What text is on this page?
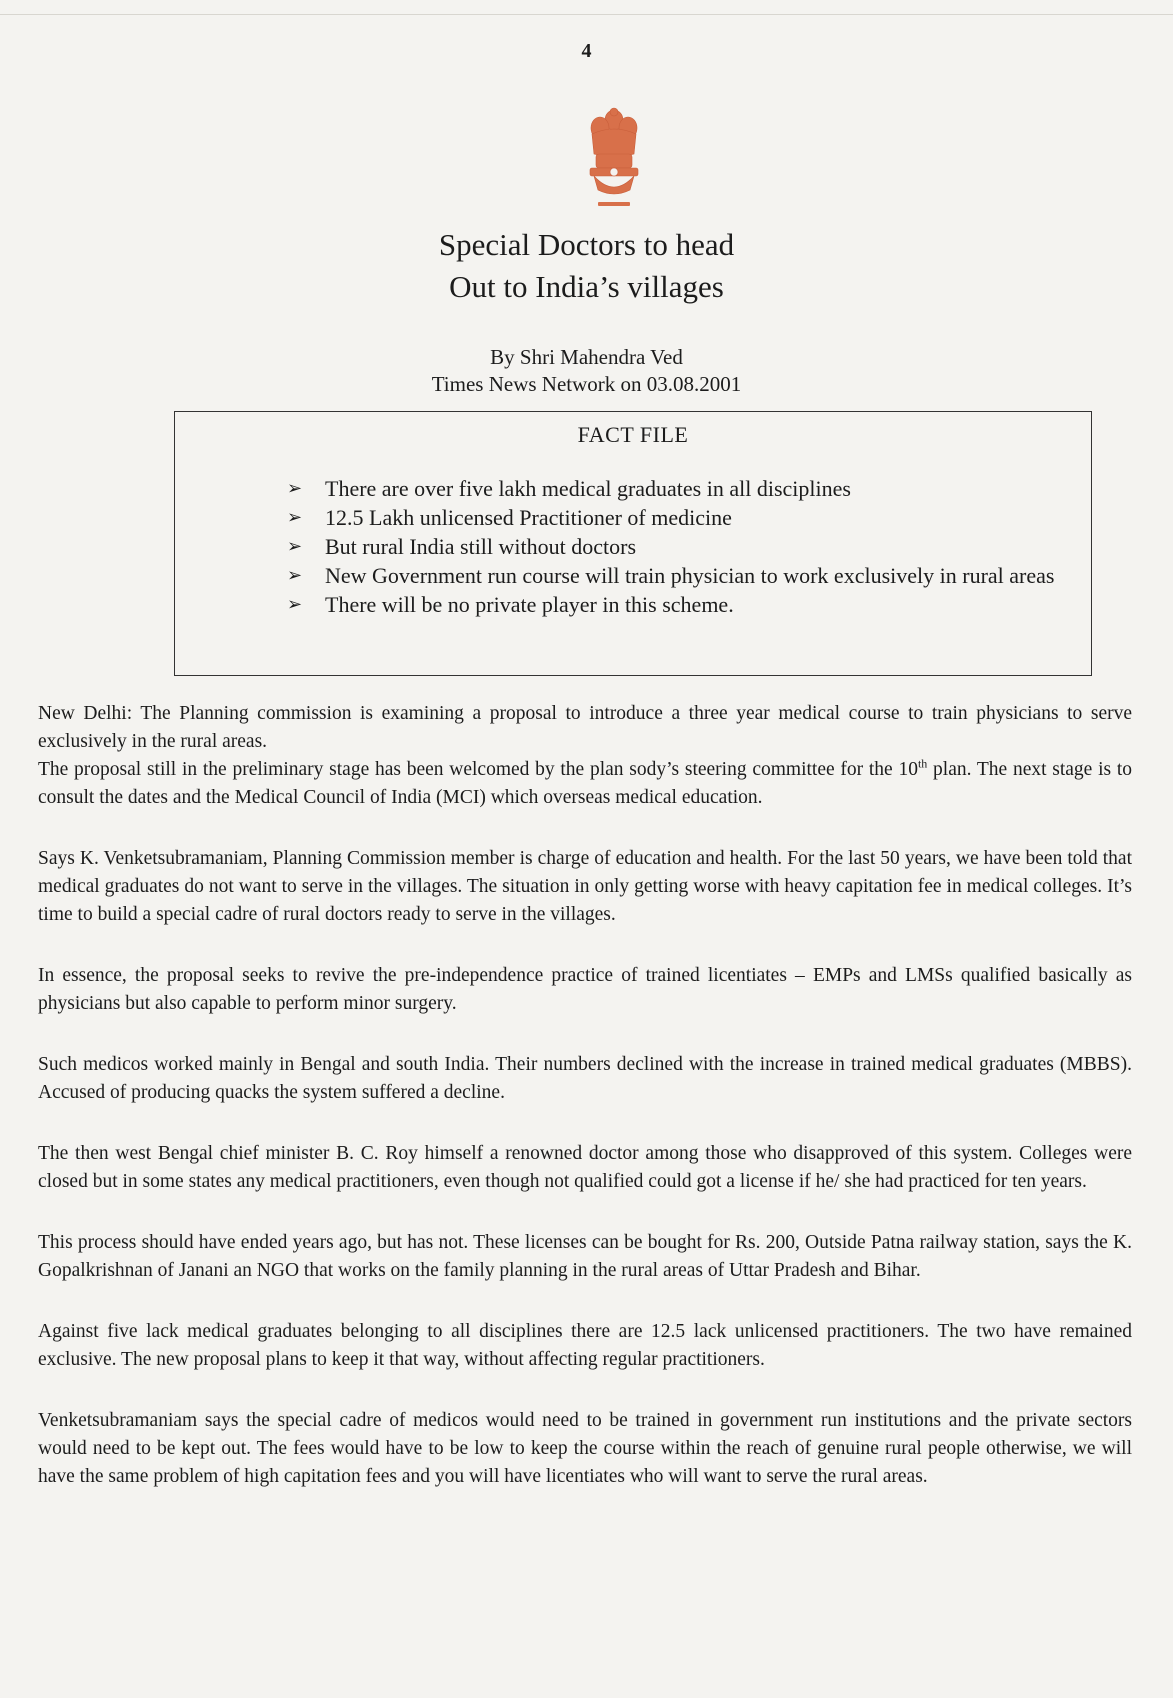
4
Special Doctors to head
Out to India’s villages
By Shri Mahendra Ved
Times News Network on 03.08.2001
FACT FILE
➢ There are over five lakh medical graduates in all disciplines
➢ 12.5 Lakh unlicensed Practitioner of medicine
➢ But rural India still without doctors
➢ New Government run course will train physician to work exclusively in rural areas
➢ There will be no private player in this scheme.

New Delhi: The Planning commission is examining a proposal to introduce a three year medical course to train physicians to serve exclusively in the rural areas.

The proposal still in the preliminary stage has been welcomed by the plan sody’s steering committee for the 10th plan. The next stage is to consult the dates and the Medical Council of India (MCI) which overseas medical education.

Says K. Venketsubramaniam, Planning Commission member is charge of education and health. For the last 50 years, we have been told that medical graduates do not want to serve in the villages. The situation in only getting worse with heavy capitation fee in medical colleges. It’s time to build a special cadre of rural doctors ready to serve in the villages.

In essence, the proposal seeks to revive the pre-independence practice of trained licentiates – EMPs and LMSs qualified basically as physicians but also capable to perform minor surgery.

Such medicos worked mainly in Bengal and south India. Their numbers declined with the increase in trained medical graduates (MBBS). Accused of producing quacks the system suffered a decline.

The then west Bengal chief minister B. C. Roy himself a renowned doctor among those who disapproved of this system. Colleges were closed but in some states any medical practitioners, even though not qualified could got a license if he/ she had practiced for ten years.

This process should have ended years ago, but has not. These licenses can be bought for Rs. 200, Outside Patna railway station, says the K. Gopalkrishnan of Janani an NGO that works on the family planning in the rural areas of Uttar Pradesh and Bihar.

Against five lack medical graduates belonging to all disciplines there are 12.5 lack unlicensed practitioners. The two have remained exclusive. The new proposal plans to keep it that way, without affecting regular practitioners.

Venketsubramaniam says the special cadre of medicos would need to be trained in government run institutions and the private sectors would need to be kept out. The fees would have to be low to keep the course within the reach of genuine rural people otherwise, we will have the same problem of high capitation fees and you will have licentiates who will want to serve the rural areas.
